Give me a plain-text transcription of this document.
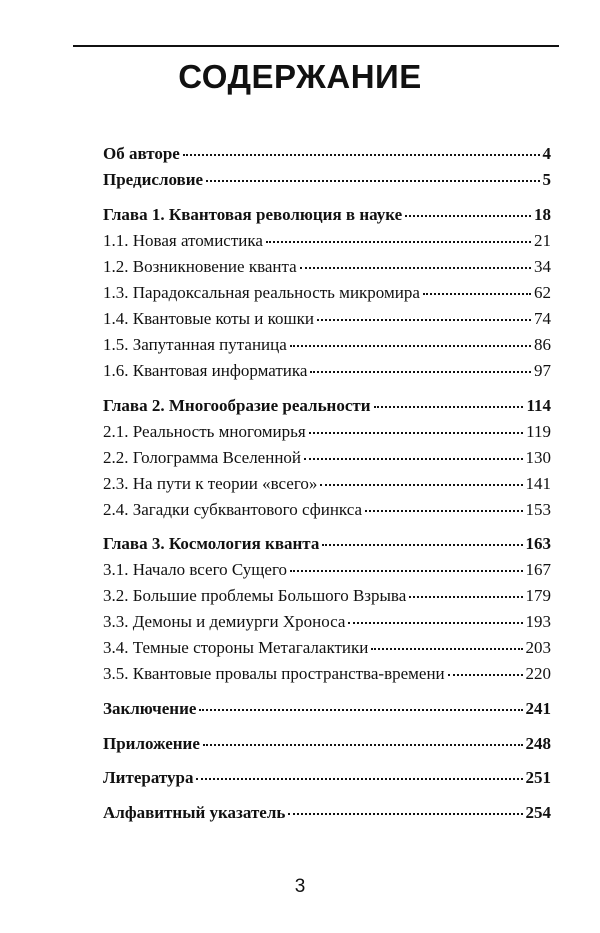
СОДЕРЖАНИЕ
Об авторе	4
Предисловие	5
Глава 1. Квантовая революция в науке	18
1.1. Новая атомистика	21
1.2. Возникновение кванта	34
1.3. Парадоксальная реальность микромира	62
1.4. Квантовые коты и кошки	74
1.5. Запутанная путаница	86
1.6. Квантовая информатика	97
Глава 2. Многообразие реальности	114
2.1. Реальность многомирья	119
2.2. Голограмма Вселенной	130
2.3. На пути к теории «всего»	141
2.4. Загадки субквантового сфинкса	153
Глава 3. Космология кванта	163
3.1. Начало всего Сущего	167
3.2. Большие проблемы Большого Взрыва	179
3.3. Демоны и демиурги Хроноса	193
3.4. Темные стороны Метагалактики	203
3.5. Квантовые провалы пространства-времени	220
Заключение	241
Приложение	248
Литература	251
Алфавитный указатель	254
3
